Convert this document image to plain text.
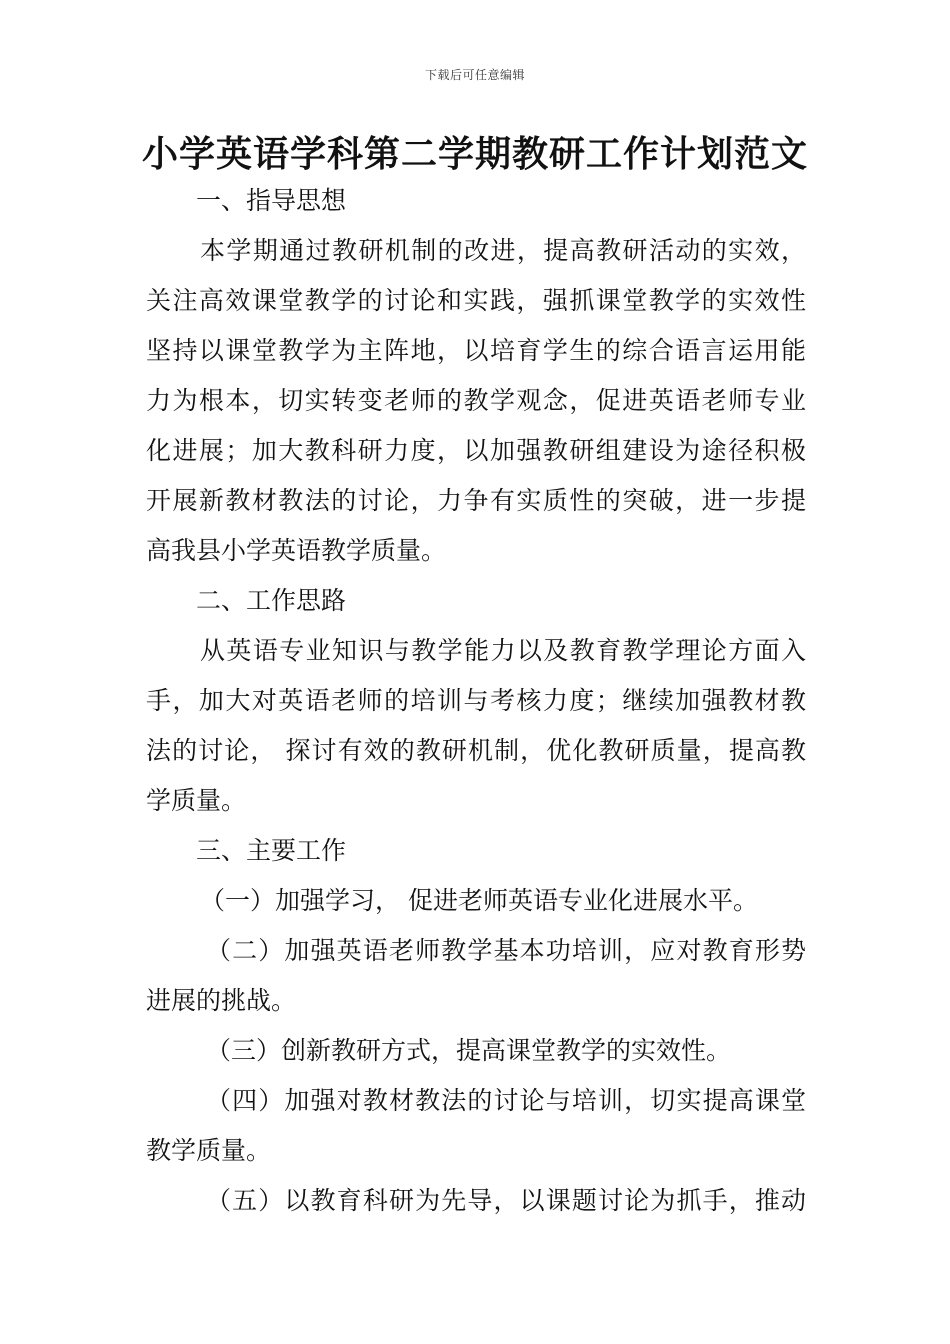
下载后可任意编辑
小学英语学科第二学期教研工作计划范文
一、指导思想
本学期通过教研机制的改进，提高教研活动的实效，
关注高效课堂教学的讨论和实践，强抓课堂教学的实效性
坚持以课堂教学为主阵地，以培育学生的综合语言运用能
力为根本，切实转变老师的教学观念，促进英语老师专业
化进展；加大教科研力度，以加强教研组建设为途径积极
开展新教材教法的讨论，力争有实质性的突破，进一步提
高我县小学英语教学质量。
二、工作思路
从英语专业知识与教学能力以及教育教学理论方面入
手，加大对英语老师的培训与考核力度；继续加强教材教
法的讨论， 探讨有效的教研机制，优化教研质量，提高教
学质量。
三、主要工作
（一）加强学习， 促进老师英语专业化进展水平。
（二）加强英语老师教学基本功培训，应对教育形势
进展的挑战。
（三）创新教研方式，提高课堂教学的实效性。
（四）加强对教材教法的讨论与培训，切实提高课堂
教学质量。
（五）以教育科研为先导，以课题讨论为抓手，推动
